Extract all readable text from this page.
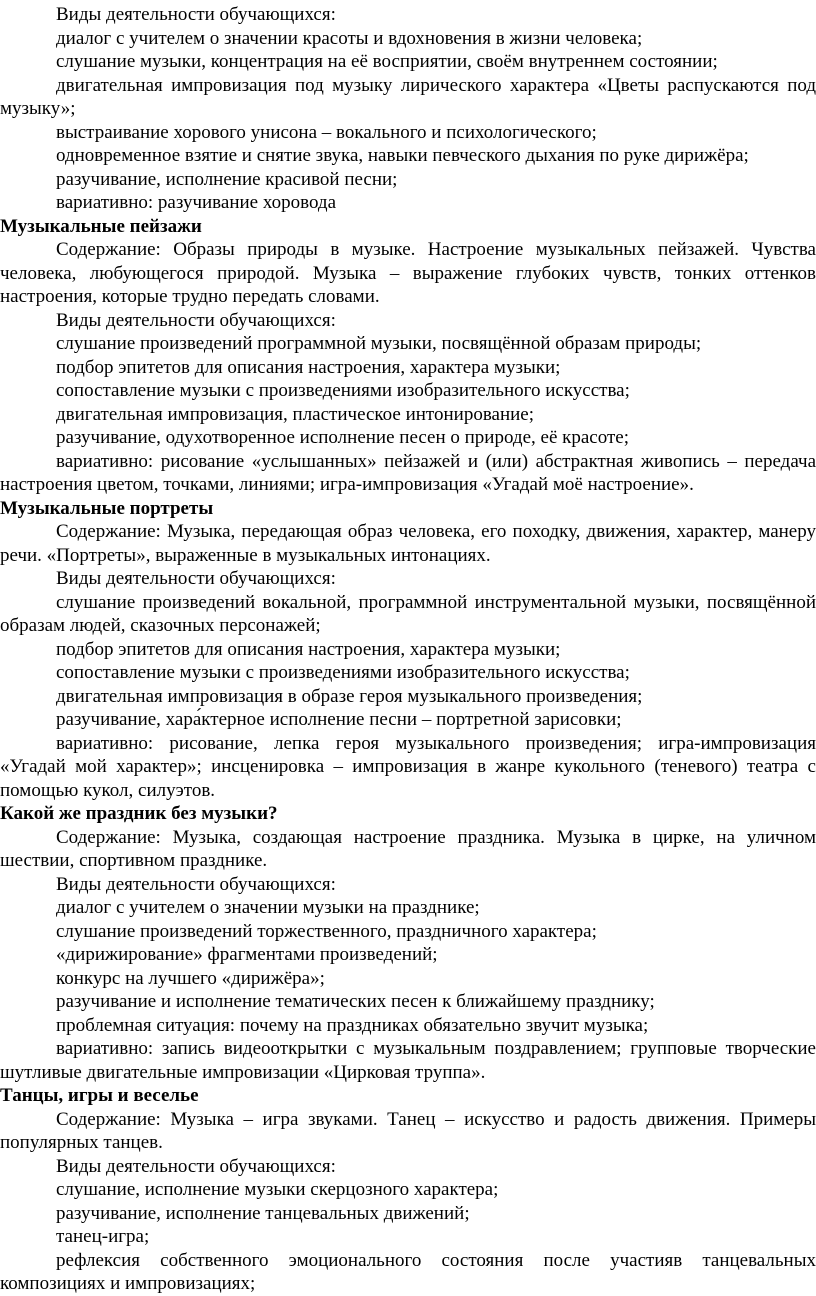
Виды деятельности обучающихся:

диалог с учителем о значении красоты и вдохновения в жизни человека;

слушание музыки, концентрация на её восприятии, своём внутреннем состоянии;

двигательная импровизация под музыку лирического характера «Цветы распускаются под музыку»;

выстраивание хорового унисона – вокального и психологического;

одновременное взятие и снятие звука, навыки певческого дыхания по руке дирижёра;

разучивание, исполнение красивой песни;

вариативно: разучивание хоровода

Музыкальные пейзажи

Содержание: Образы природы в музыке. Настроение музыкальных пейзажей. Чувства человека, любующегося природой. Музыка – выражение глубоких чувств, тонких оттенков настроения, которые трудно передать словами.

Виды деятельности обучающихся:

слушание произведений программной музыки, посвящённой образам природы;

подбор эпитетов для описания настроения, характера музыки;

сопоставление музыки с произведениями изобразительного искусства;

двигательная импровизация, пластическое интонирование;

разучивание, одухотворенное исполнение песен о природе, её красоте;

вариативно: рисование «услышанных» пейзажей и (или) абстрактная живопись – передача настроения цветом, точками, линиями; игра-импровизация «Угадай моё настроение».

Музыкальные портреты

Содержание: Музыка, передающая образ человека, его походку, движения, характер, манеру речи. «Портреты», выраженные в музыкальных интонациях.

Виды деятельности обучающихся:

слушание произведений вокальной, программной инструментальной музыки, посвящённой образам людей, сказочных персонажей;

подбор эпитетов для описания настроения, характера музыки;

сопоставление музыки с произведениями изобразительного искусства;

двигательная импровизация в образе героя музыкального произведения;

разучивание, хара́ктерное исполнение песни – портретной зарисовки;

вариативно: рисование, лепка героя музыкального произведения; игра-импровизация «Угадай мой характер»; инсценировка – импровизация в жанре кукольного (теневого) театра с помощью кукол, силуэтов.

Какой же праздник без музыки?

Содержание: Музыка, создающая настроение праздника. Музыка в цирке, на уличном шествии, спортивном празднике.

Виды деятельности обучающихся:

диалог с учителем о значении музыки на празднике;

слушание произведений торжественного, праздничного характера;

«дирижирование» фрагментами произведений;

конкурс на лучшего «дирижёра»;

разучивание и исполнение тематических песен к ближайшему празднику;

проблемная ситуация: почему на праздниках обязательно звучит музыка;

вариативно: запись видеооткрытки с музыкальным поздравлением; групповые творческие шутливые двигательные импровизации «Цирковая труппа».

Танцы, игры и веселье

Содержание: Музыка – игра звуками. Танец – искусство и радость движения. Примеры популярных танцев.

Виды деятельности обучающихся:

слушание, исполнение музыки скерцозного характера;

разучивание, исполнение танцевальных движений;

танец-игра;

рефлексия собственного эмоционального состояния после участияв танцевальных композициях и импровизациях;
